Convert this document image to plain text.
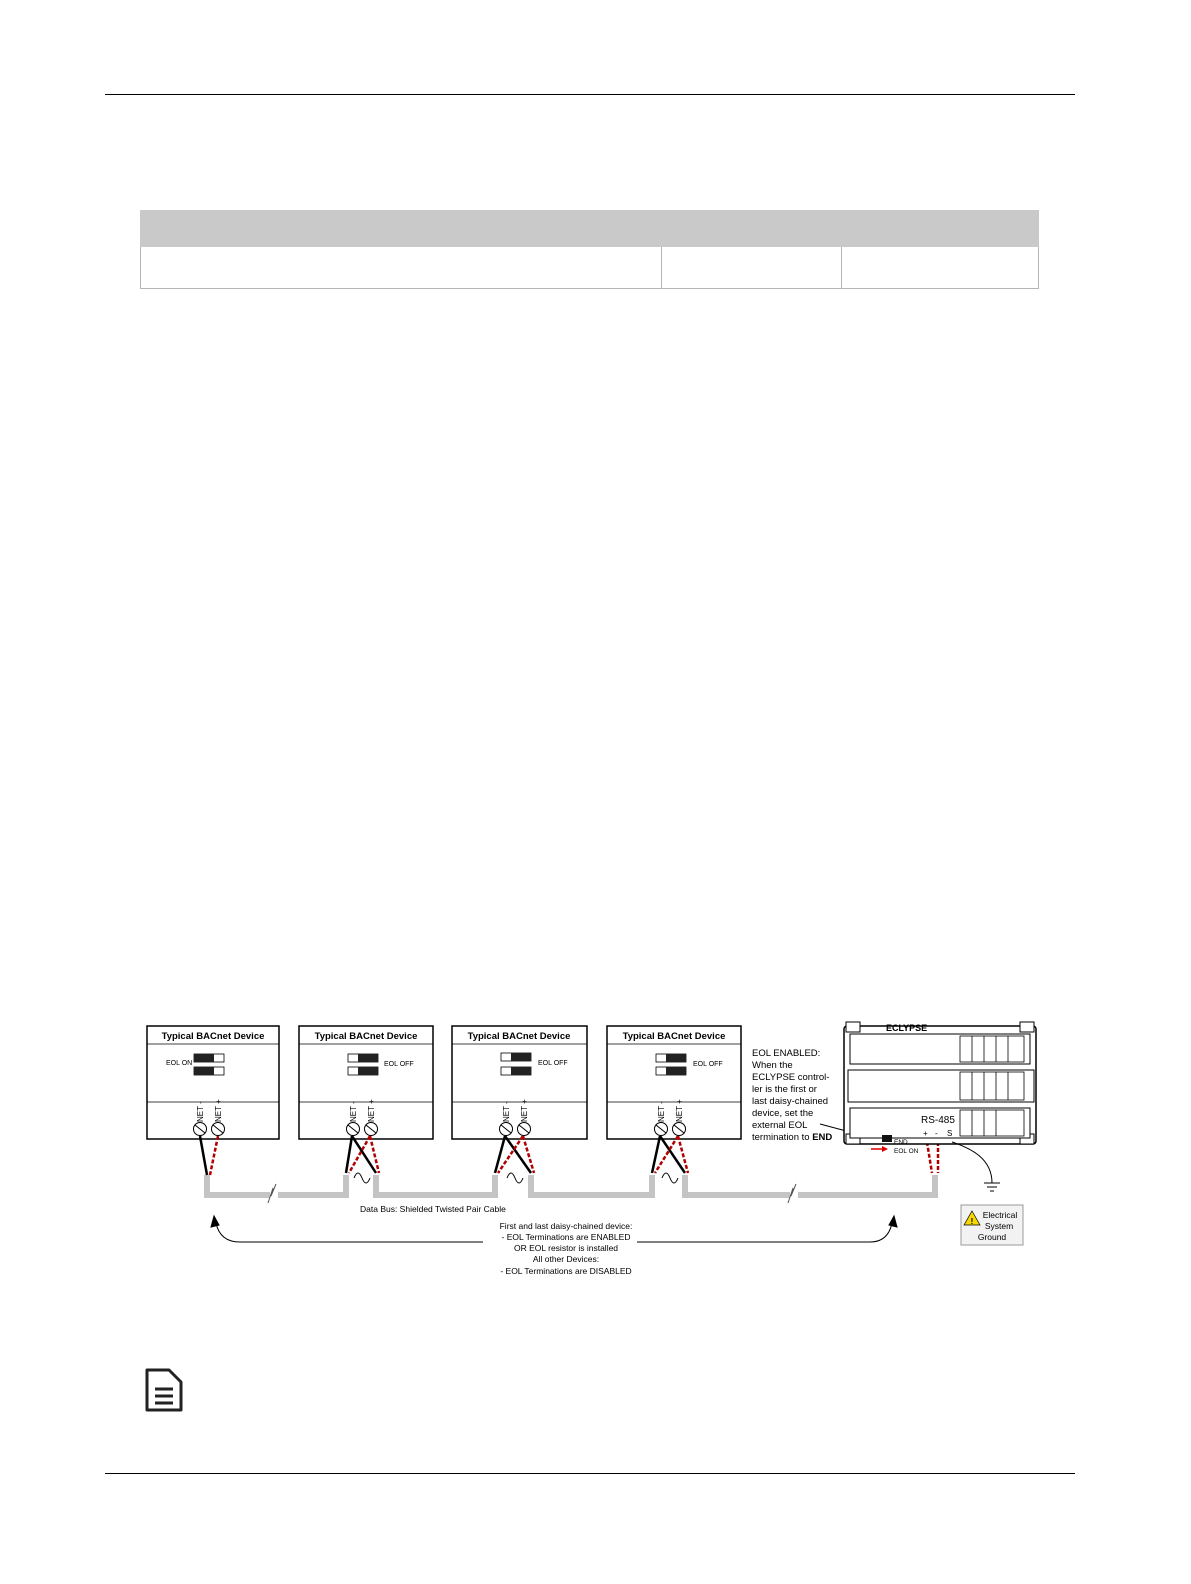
Typical BACnet Device
EOL ON
NET - NET +
Typical BACnet Device
EOL OFF
NET - NET +
Typical BACnet Device
EOL OFF
NET - NET +
Typical BACnet Device
EOL OFF
NET - NET +
EOL ENABLED:
When the
ECLYPSE control-
ler is the first or
last daisy-chained
device, set the
external EOL
termination to END
ECLYPSE
RS-485
+ - S
END
EOL ON
!
Electrical
System
Ground
Data Bus: Shielded Twisted Pair Cable
First and last daisy-chained device:
- EOL Terminations are ENABLED
OR EOL resistor is installed
All other Devices:
- EOL Terminations are DISABLED
